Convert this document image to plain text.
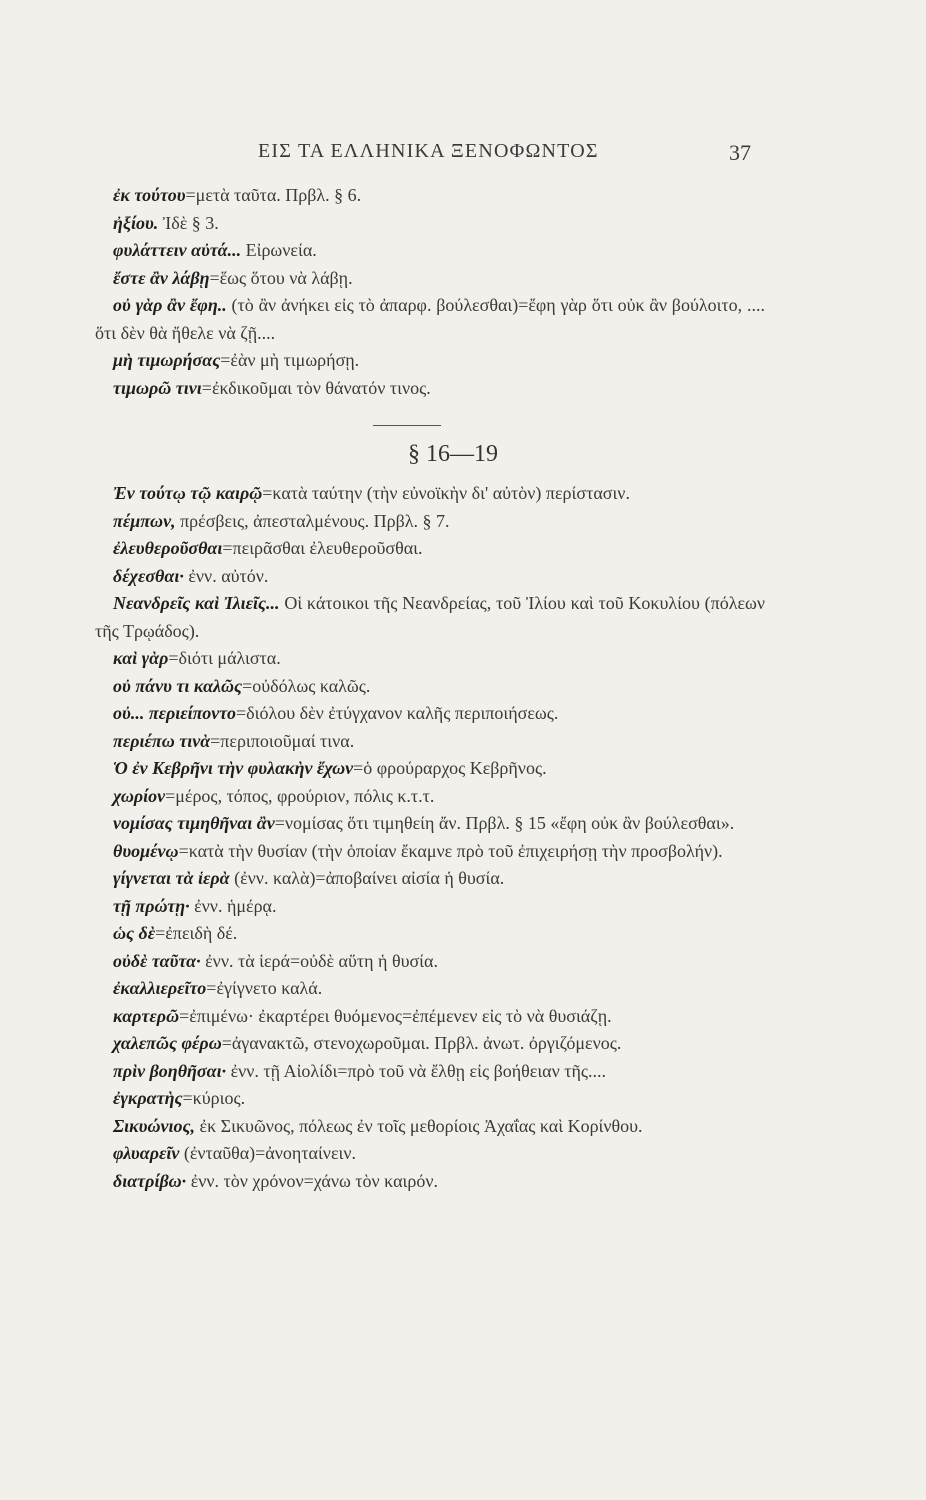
ΕΙΣ ΤΑ ΕΛΛΗΝΙΚΑ ΞΕΝΟΦΩΝΤΟΣ	37

ἐκ τούτου=μετὰ ταῦτα. Πρβλ. § 6.

ἠξίου. Ἰδὲ § 3.

φυλάττειν αὐτά... Εἰρωνεία.

ἔστε ἂν λάβῃ=ἕως ὅτου νὰ λάβῃ.

οὐ γὰρ ἂν ἔφη.. (τὸ ἂν ἀνήκει εἰς τὸ ἀπαρφ. βούλεσθαι)=ἔφη γὰρ ὅτι οὐκ ἂν βούλοιτο, .... ὅτι δὲν θὰ ἤθελε νὰ ζῇ....

μὴ τιμωρήσας=ἐὰν μὴ τιμωρήσῃ.

τιμωρῶ τινι=ἐκδικοῦμαι τὸν θάνατόν τινος.

§ 16—19

Ἐν τούτῳ τῷ καιρῷ=κατὰ ταύτην (τὴν εὐνοϊκὴν δι' αὐτὸν) περίστασιν.

πέμπων, πρέσβεις, ἀπεσταλμένους. Πρβλ. § 7.

ἐλευθεροῦσθαι=πειρᾶσθαι ἐλευθεροῦσθαι.

δέχεσθαι· ἐνν. αὐτόν.

Νεανδρεῖς καὶ Ἰλιεῖς... Οἱ κάτοικοι τῆς Νεανδρείας, τοῦ Ἰλίου καὶ τοῦ Κοκυλίου (πόλεων τῆς Τρῳάδος).

καὶ γὰρ=διότι μάλιστα.

οὐ πάνυ τι καλῶς=οὐδόλως καλῶς.

οὐ... περιείποντο=διόλου δὲν ἐτύγχανον καλῆς περιποιήσεως.

περιέπω τινὰ=περιποιοῦμαί τινα.

Ὁ ἐν Κεβρῆνι τὴν φυλακὴν ἔχων=ὁ φρούραρχος Κεβρῆνος.

χωρίον=μέρος, τόπος, φρούριον, πόλις κ.τ.τ.

νομίσας τιμηθῆναι ἂν=νομίσας ὅτι τιμηθείη ἄν. Πρβλ. § 15 «ἔφη οὐκ ἂν βούλεσθαι».

θυομένῳ=κατὰ τὴν θυσίαν (τὴν ὁποίαν ἔκαμνε πρὸ τοῦ ἐπιχειρήσῃ τὴν προσβολήν).

γίγνεται τὰ ἱερὰ (ἐνν. καλὰ)=ἀποβαίνει αἰσία ἡ θυσία.

τῇ πρώτῃ· ἐνν. ἡμέρᾳ.

ὡς δὲ=ἐπειδὴ δέ.

οὐδὲ ταῦτα· ἐνν. τὰ ἱερά=οὐδὲ αὕτη ἡ θυσία.

ἐκαλλιερεῖτο=ἐγίγνετο καλά.

καρτερῶ=ἐπιμένω· ἐκαρτέρει θυόμενος=ἐπέμενεν εἰς τὸ νὰ θυσιάζῃ.

χαλεπῶς φέρω=ἀγανακτῶ, στενοχωροῦμαι. Πρβλ. ἀνωτ. ὀργιζόμενος.

πρὶν βοηθῆσαι· ἐνν. τῇ Αἰολίδι=πρὸ τοῦ νὰ ἔλθῃ εἰς βοήθειαν τῆς....

ἐγκρατὴς=κύριος.

Σικυώνιος, ἐκ Σικυῶνος, πόλεως ἐν τοῖς μεθορίοις Ἀχαΐας καὶ Κορίνθου.

φλυαρεῖν (ἐνταῦθα)=ἀνοηταίνειν.

διατρίβω· ἐνν. τὸν χρόνον=χάνω τὸν καιρόν.
